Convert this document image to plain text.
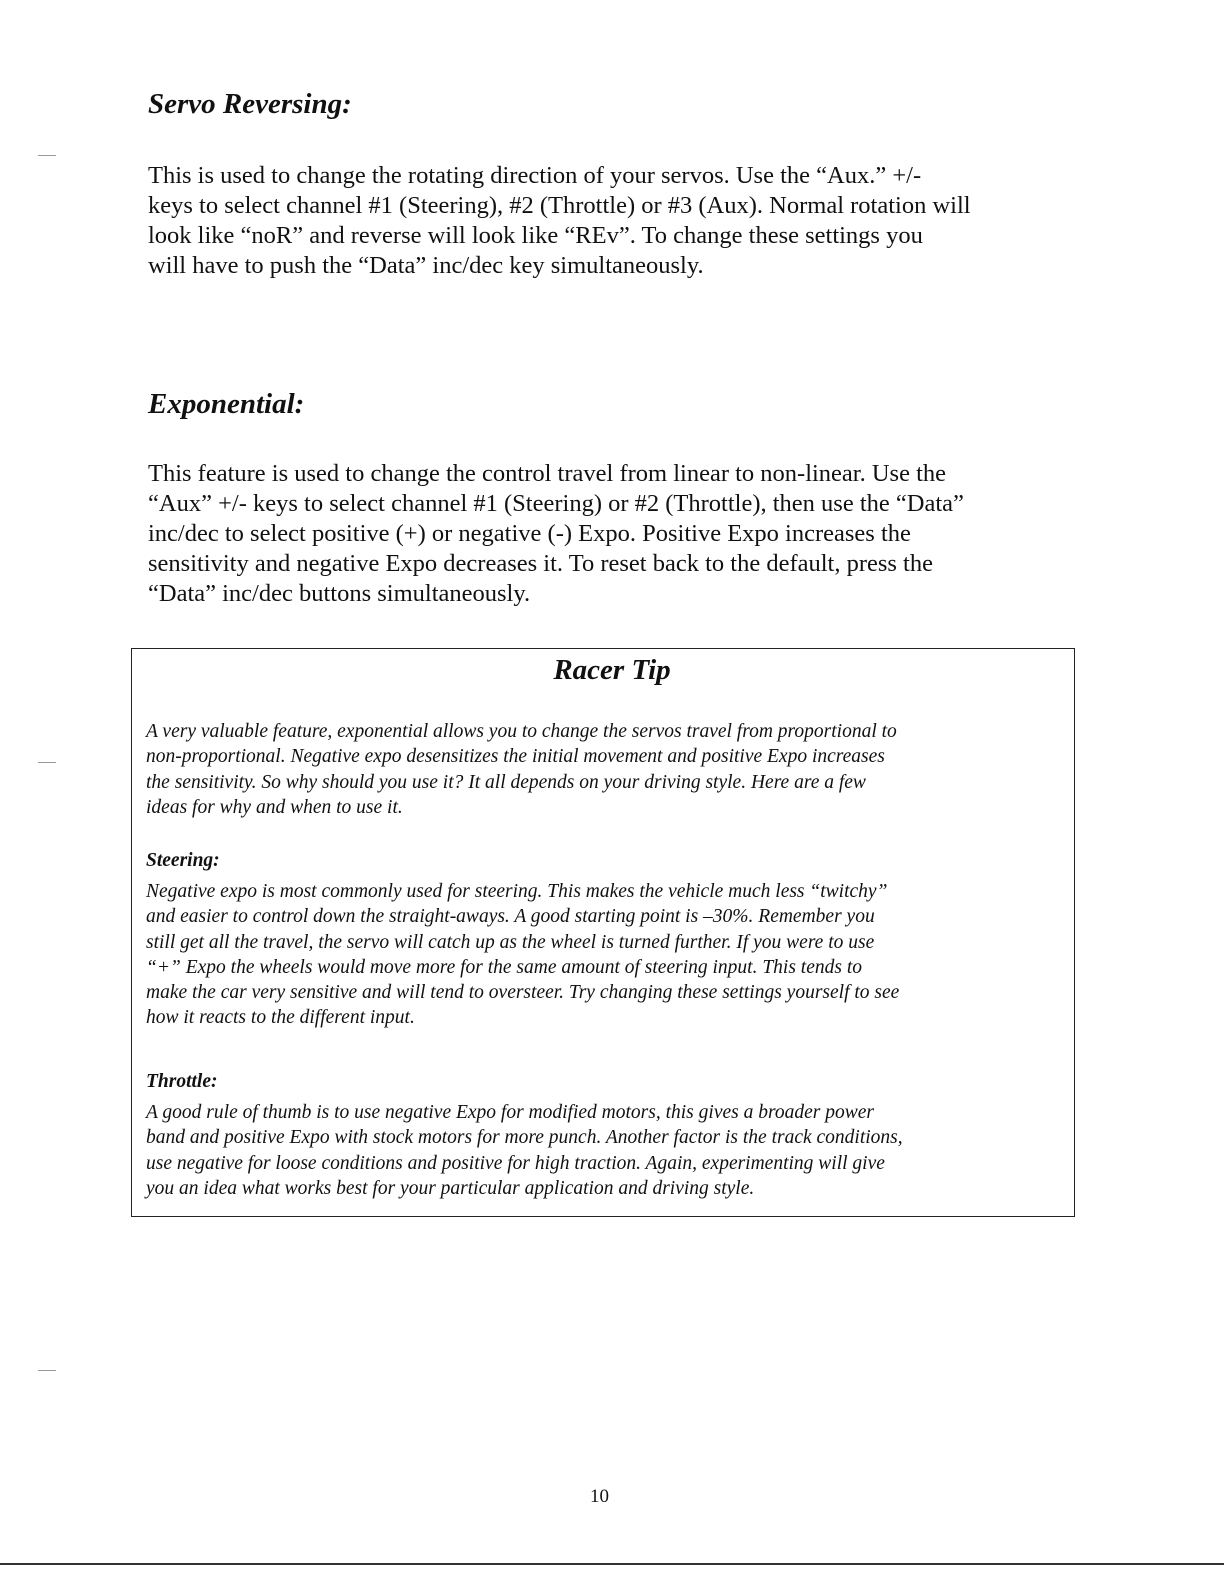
Servo Reversing:

This is used to change the rotating direction of your servos. Use the “Aux.” +/-
keys to select channel #1 (Steering), #2 (Throttle) or #3 (Aux). Normal rotation will
look like “noR” and reverse will look like “REv”. To change these settings you
will have to push the “Data” inc/dec key simultaneously.

Exponential:

This feature is used to change the control travel from linear to non-linear. Use the
“Aux” +/- keys to select channel #1 (Steering) or #2 (Throttle), then use the “Data”
inc/dec to select positive (+) or negative (-) Expo. Positive Expo increases the
sensitivity and negative Expo decreases it. To reset back to the default, press the
“Data” inc/dec buttons simultaneously.

Racer Tip

A very valuable feature, exponential allows you to change the servos travel from proportional to
non-proportional. Negative expo desensitizes the initial movement and positive Expo increases
the sensitivity. So why should you use it? It all depends on your driving style. Here are a few
ideas for why and when to use it.

Steering:

Negative expo is most commonly used for steering. This makes the vehicle much less “twitchy”
and easier to control down the straight-aways. A good starting point is –30%. Remember you
still get all the travel, the servo will catch up as the wheel is turned further. If you were to use
“+” Expo the wheels would move more for the same amount of steering input. This tends to
make the car very sensitive and will tend to oversteer. Try changing these settings yourself to see
how it reacts to the different input.

Throttle:

A good rule of thumb is to use negative Expo for modified motors, this gives a broader power
band and positive Expo with stock motors for more punch. Another factor is the track conditions,
use negative for loose conditions and positive for high traction. Again, experimenting will give
you an idea what works best for your particular application and driving style.

10
